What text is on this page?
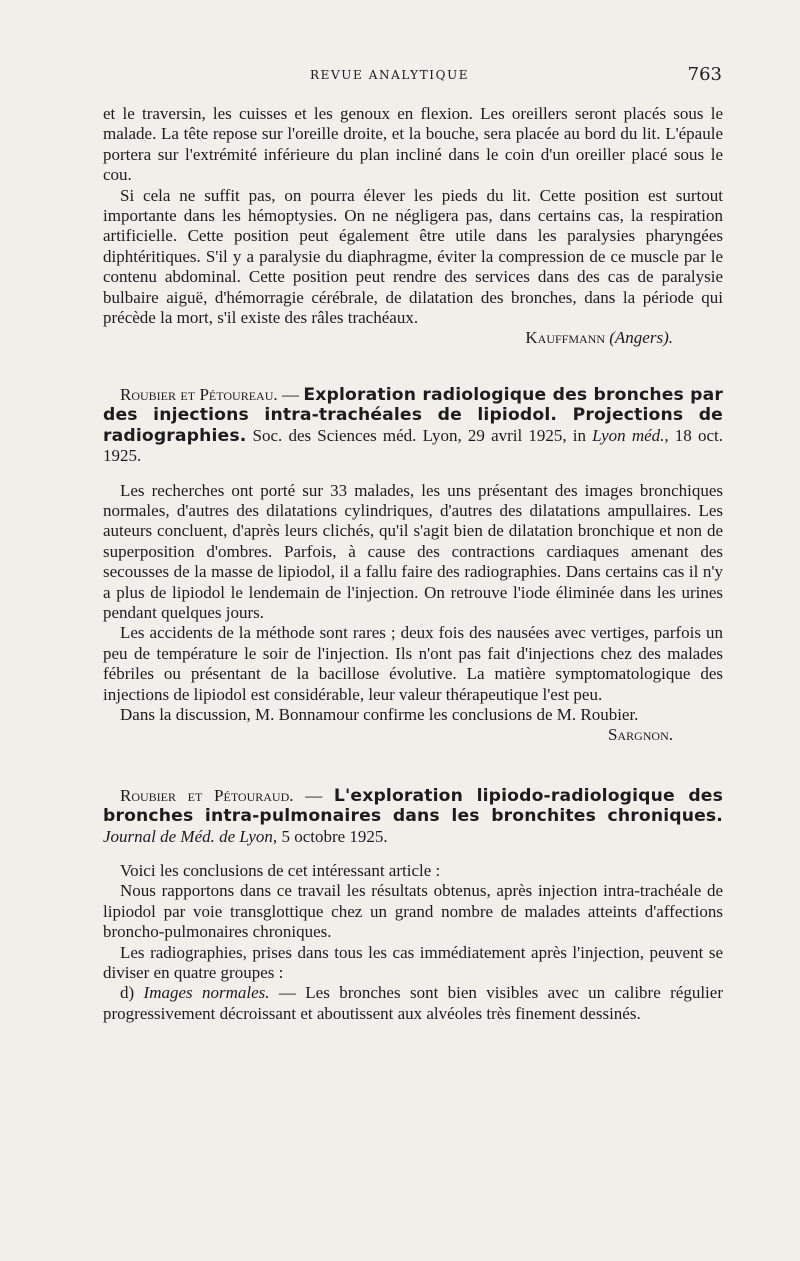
REVUE ANALYTIQUE	763

et le traversin, les cuisses et les genoux en flexion. Les oreillers seront placés sous le malade. La tête repose sur l'oreille droite, et la bouche, sera placée au bord du lit. L'épaule portera sur l'extrémité inférieure du plan incliné dans le coin d'un oreiller placé sous le cou.

Si cela ne suffit pas, on pourra élever les pieds du lit. Cette position est surtout importante dans les hémoptysies. On ne négligera pas, dans certains cas, la respiration artificielle. Cette position peut également être utile dans les paralysies pharyngées diphtéritiques. S'il y a paralysie du diaphragme, éviter la compression de ce muscle par le contenu abdominal. Cette position peut rendre des services dans des cas de paralysie bulbaire aiguë, d'hémorragie cérébrale, de dilatation des bronches, dans la période qui précède la mort, s'il existe des râles trachéaux.

Kauffmann (Angers).

Roubier et Pétoureau. — Exploration radiologique des bronches par des injections intra-trachéales de lipiodol. Projections de radiographies. Soc. des Sciences méd. Lyon, 29 avril 1925, in Lyon méd., 18 oct. 1925.

Les recherches ont porté sur 33 malades, les uns présentant des images bronchiques normales, d'autres des dilatations cylindriques, d'autres des dilatations ampullaires. Les auteurs concluent, d'après leurs clichés, qu'il s'agit bien de dilatation bronchique et non de superposition d'ombres. Parfois, à cause des contractions cardiaques amenant des secousses de la masse de lipiodol, il a fallu faire des radiographies. Dans certains cas il n'y a plus de lipiodol le lendemain de l'injection. On retrouve l'iode éliminée dans les urines pendant quelques jours.

Les accidents de la méthode sont rares ; deux fois des nausées avec vertiges, parfois un peu de température le soir de l'injection. Ils n'ont pas fait d'injections chez des malades fébriles ou présentant de la bacillose évolutive. La matière symptomatologique des injections de lipiodol est considérable, leur valeur thérapeutique l'est peu.

Dans la discussion, M. Bonnamour confirme les conclusions de M. Roubier.

Sargnon.

Roubier et Pétouraud. — L'exploration lipiodo-radiologique des bronches intra-pulmonaires dans les bronchites chroniques. Journal de Méd. de Lyon, 5 octobre 1925.

Voici les conclusions de cet intéressant article :

Nous rapportons dans ce travail les résultats obtenus, après injection intra-trachéale de lipiodol par voie transglottique chez un grand nombre de malades atteints d'affections broncho-pulmonaires chroniques.

Les radiographies, prises dans tous les cas immédiatement après l'injection, peuvent se diviser en quatre groupes :

d) Images normales. — Les bronches sont bien visibles avec un calibre régulier progressivement décroissant et aboutissent aux alvéoles très finement dessinés.
